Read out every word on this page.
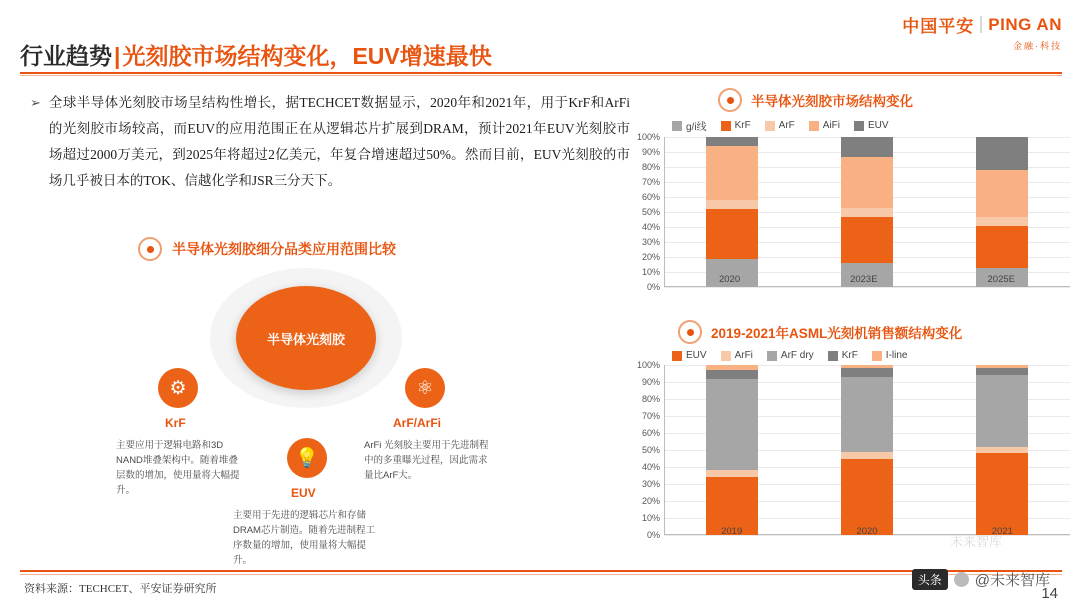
中国平安 PING AN
金融·科技
行业趋势 | 光刻胶市场结构变化，EUV增速最快
➢ 全球半导体光刻胶市场呈结构性增长，据TECHCET数据显示，2020年和2021年，用于KrF和ArFi 的光刻胶市场较高，而EUV的应用范围正在从逻辑芯片扩展到DRAM，预计2021年EUV光刻胶市场超过2000万美元，到2025年将超过2亿美元，年复合增速超过50%。然而目前，EUV光刻胶的市场几乎被日本的TOK、信越化学和JSR三分天下。
半导体光刻胶细分品类应用范围比较
半导体光刻胶
⚙
KrF
主要应用于逻辑电路和3D NAND堆叠架构中。随着堆叠层数的增加，使用量将大幅提升。
⚛
ArF/ArFi
ArFi 光刻胶主要用于先进制程中的多重曝光过程，因此需求量比ArF大。
💡
EUV
主要用于先进的逻辑芯片和存储DRAM芯片制造。随着先进制程工序数量的增加，使用量将大幅提升。
半导体光刻胶市场结构变化
g/i线	KrF	ArF	AiFi	EUV
0%
10%
20%
30%
40%
50%
60%
70%
80%
90%
100%
2020	2023E	2025E
2019-2021年ASML光刻机销售额结构变化
EUV	ArFi	ArF dry	KrF	I-line
0%
10%
20%
30%
40%
50%
60%
70%
80%
90%
100%
2019	2020	2021
资料来源：TECHCET、平安证券研究所	14
未来智库
头条	@未来智库
